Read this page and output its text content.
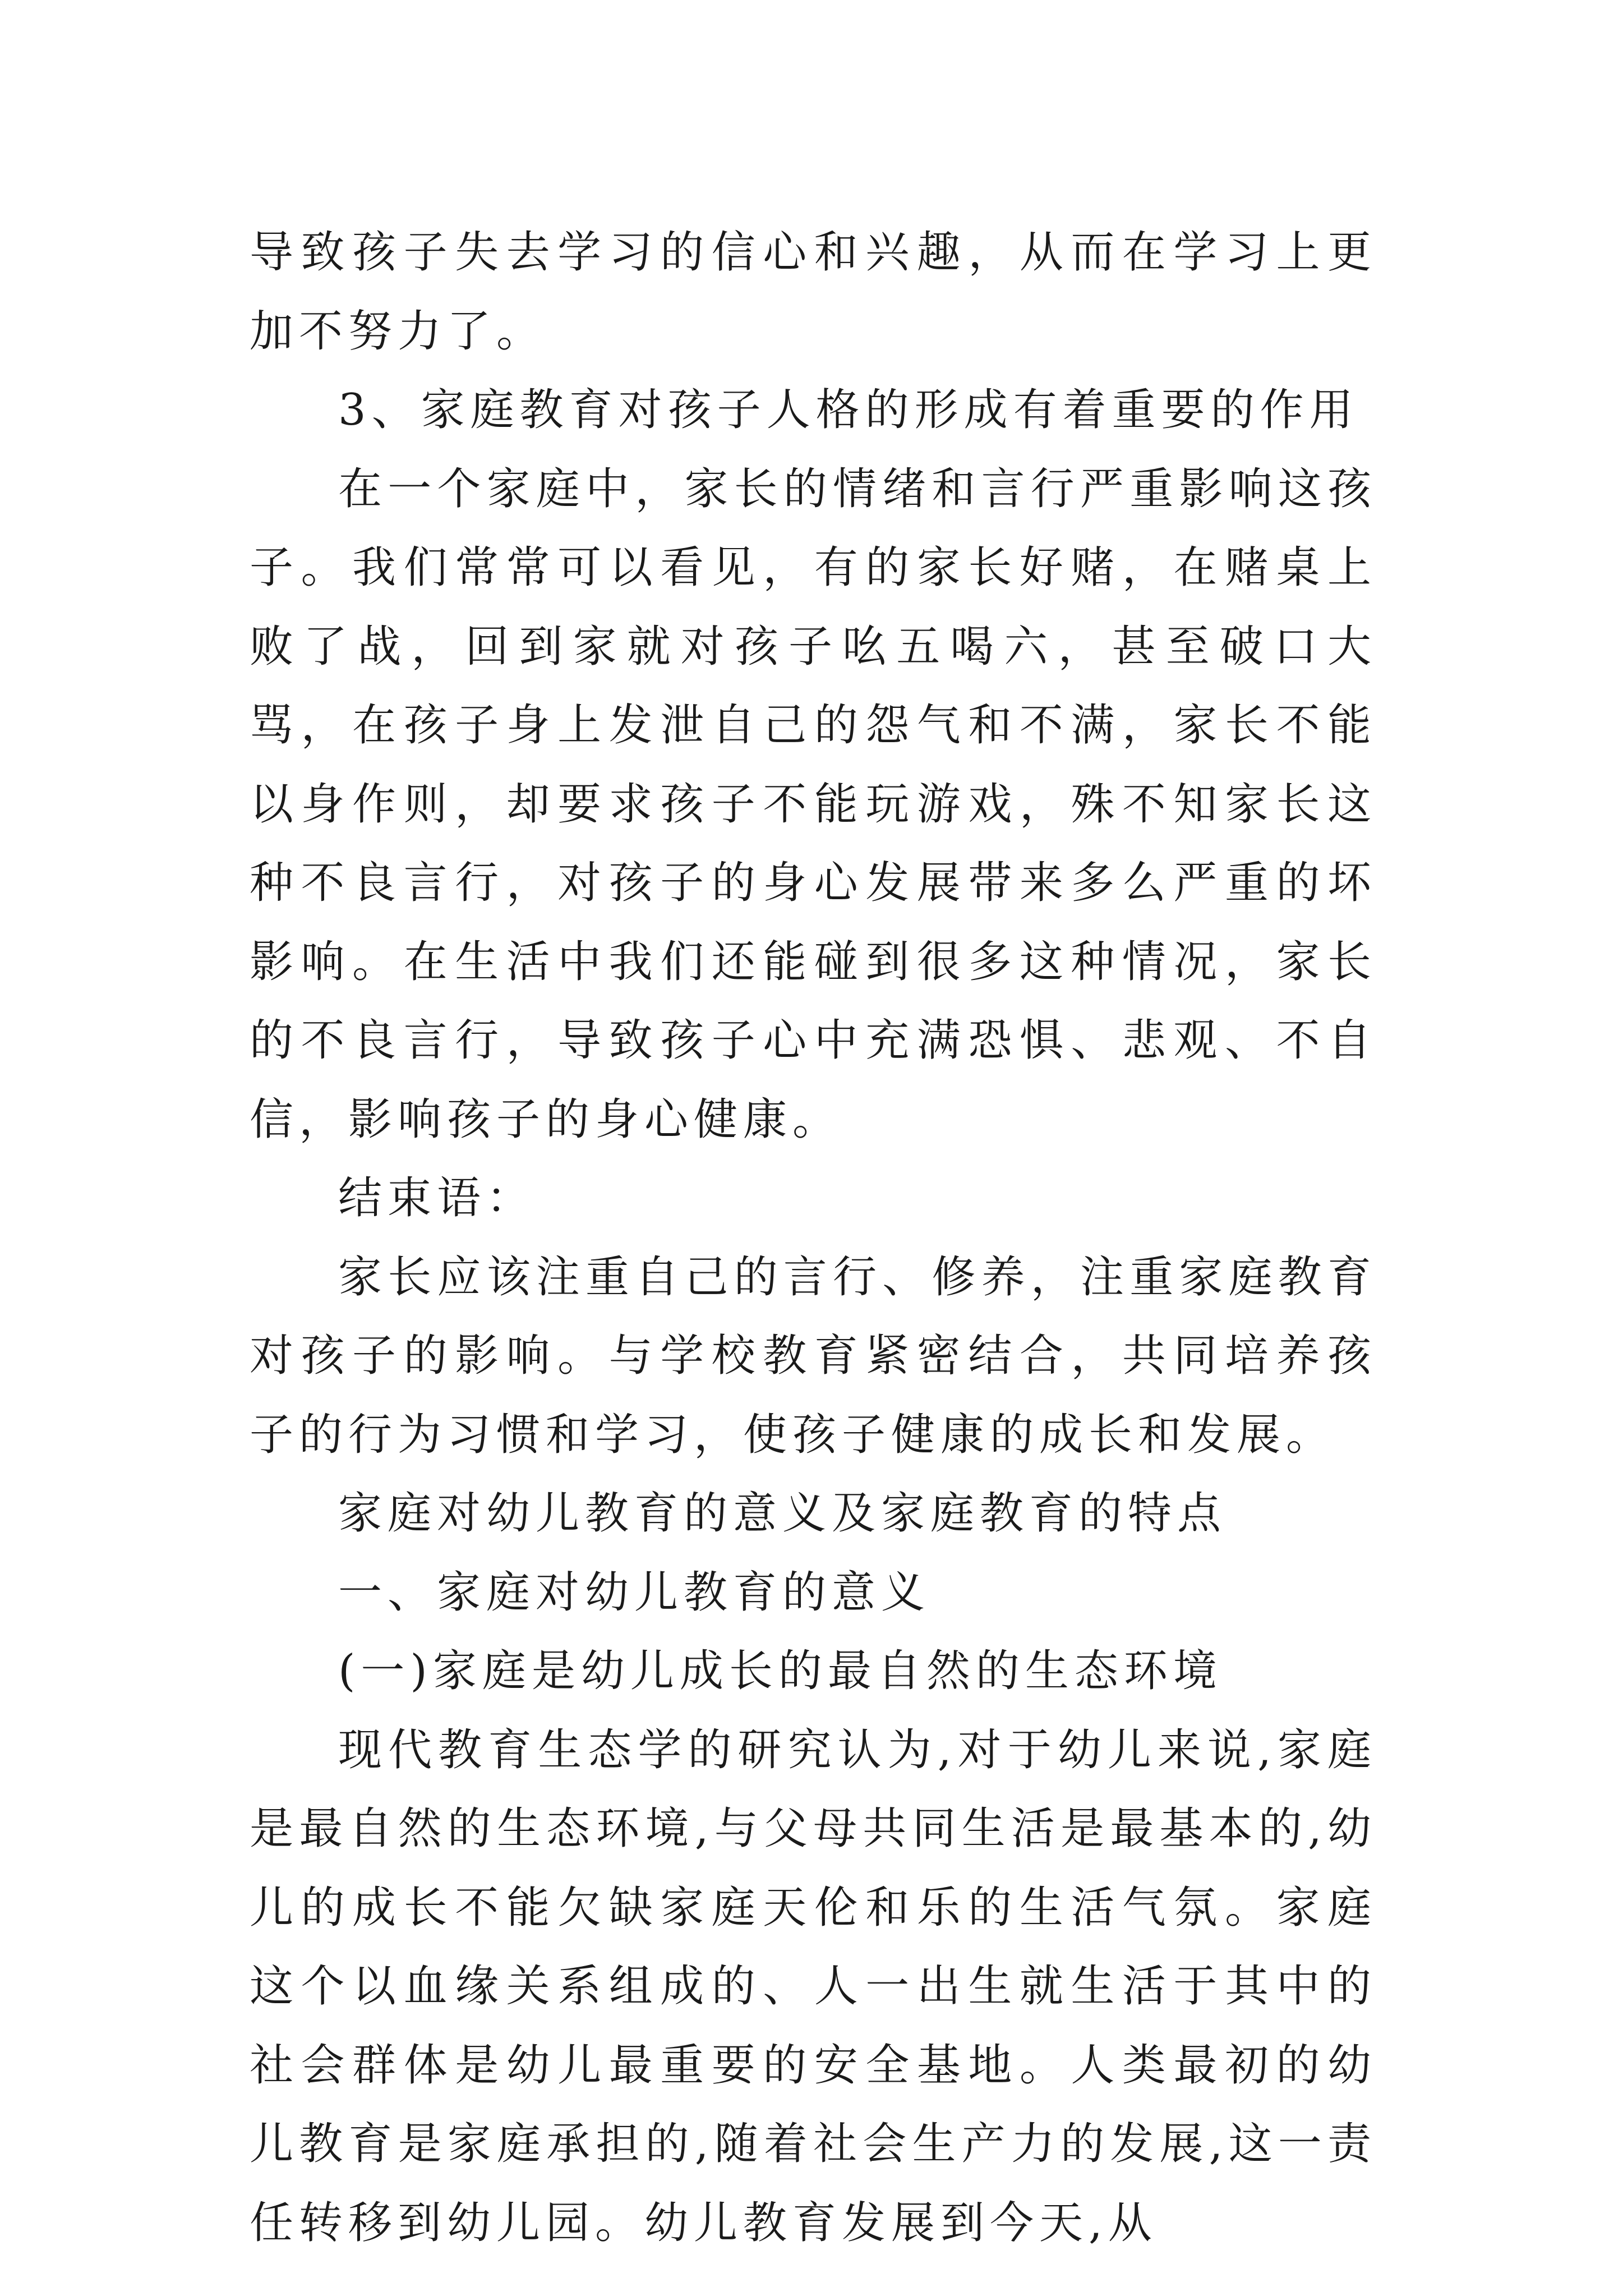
导致孩子失去学习的信心和兴趣，从而在学习上更加不努力了。

3、家庭教育对孩子人格的形成有着重要的作用

在一个家庭中，家长的情绪和言行严重影响这孩子。我们常常可以看见，有的家长好赌，在赌桌上败了战，回到家就对孩子吆五喝六，甚至破口大骂，在孩子身上发泄自己的怨气和不满，家长不能以身作则，却要求孩子不能玩游戏，殊不知家长这种不良言行，对孩子的身心发展带来多么严重的坏影响。在生活中我们还能碰到很多这种情况，家长的不良言行，导致孩子心中充满恐惧、悲观、不自信，影响孩子的身心健康。

结束语：

家长应该注重自己的言行、修养，注重家庭教育对孩子的影响。与学校教育紧密结合，共同培养孩子的行为习惯和学习，使孩子健康的成长和发展。

家庭对幼儿教育的意义及家庭教育的特点

一、家庭对幼儿教育的意义

(一)家庭是幼儿成长的最自然的生态环境

现代教育生态学的研究认为,对于幼儿来说,家庭是最自然的生态环境,与父母共同生活是最基本的,幼儿的成长不能欠缺家庭天伦和乐的生活气氛。家庭这个以血缘关系组成的、人一出生就生活于其中的社会群体是幼儿最重要的安全基地。人类最初的幼儿教育是家庭承担的,随着社会生产力的发展,这一责任转移到幼儿园。幼儿教育发展到今天,从
